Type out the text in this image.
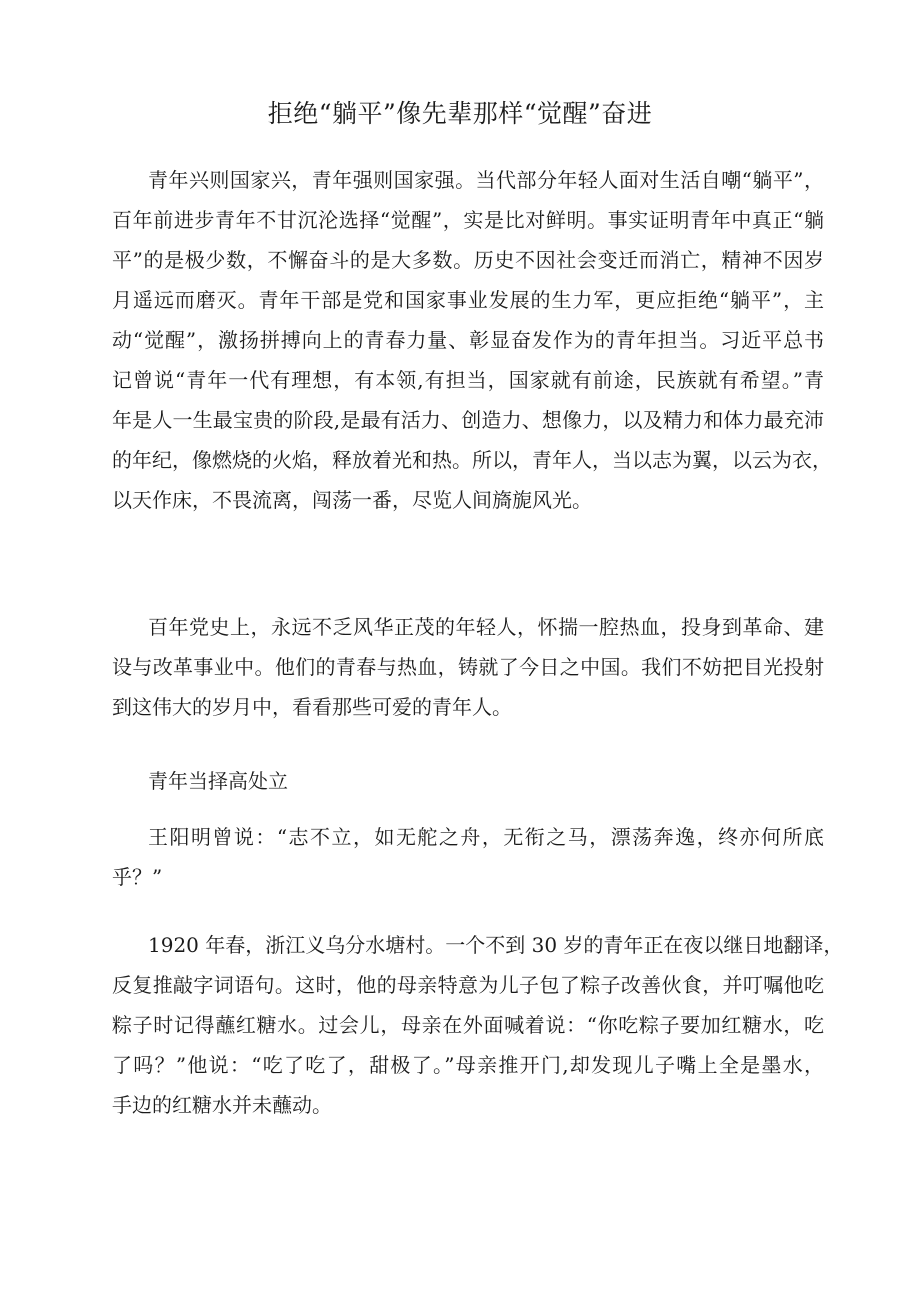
拒绝“躺平”像先辈那样“觉醒”奋进

青年兴则国家兴，青年强则国家强。当代部分年轻人面对生活自嘲“躺平”，
百年前进步青年不甘沉沦选择“觉醒”，实是比对鲜明。事实证明青年中真正“躺
平”的是极少数，不懈奋斗的是大多数。历史不因社会变迁而消亡，精神不因岁
月遥远而磨灭。青年干部是党和国家事业发展的生力军，更应拒绝“躺平”，主
动“觉醒”，激扬拼搏向上的青春力量、彰显奋发作为的青年担当。习近平总书
记曾说“青年一代有理想，有本领,有担当，国家就有前途，民族就有希望。”青
年是人一生最宝贵的阶段,是最有活力、创造力、想像力，以及精力和体力最充沛
的年纪，像燃烧的火焰，释放着光和热。所以，青年人，当以志为翼，以云为衣，
以天作床，不畏流离，闯荡一番，尽览人间旖旎风光。

百年党史上，永远不乏风华正茂的年轻人，怀揣一腔热血，投身到革命、建
设与改革事业中。他们的青春与热血，铸就了今日之中国。我们不妨把目光投射
到这伟大的岁月中，看看那些可爱的青年人。

青年当择高处立

王阳明曾说：“志不立，如无舵之舟，无衔之马，漂荡奔逸，终亦何所底
乎？”

1920 年春，浙江义乌分水塘村。一个不到 30 岁的青年正在夜以继日地翻译，
反复推敲字词语句。这时，他的母亲特意为儿子包了粽子改善伙食，并叮嘱他吃
粽子时记得蘸红糖水。过会儿，母亲在外面喊着说：“你吃粽子要加红糖水，吃
了吗？”他说：“吃了吃了，甜极了。”母亲推开门,却发现儿子嘴上全是墨水，
手边的红糖水并未蘸动。
